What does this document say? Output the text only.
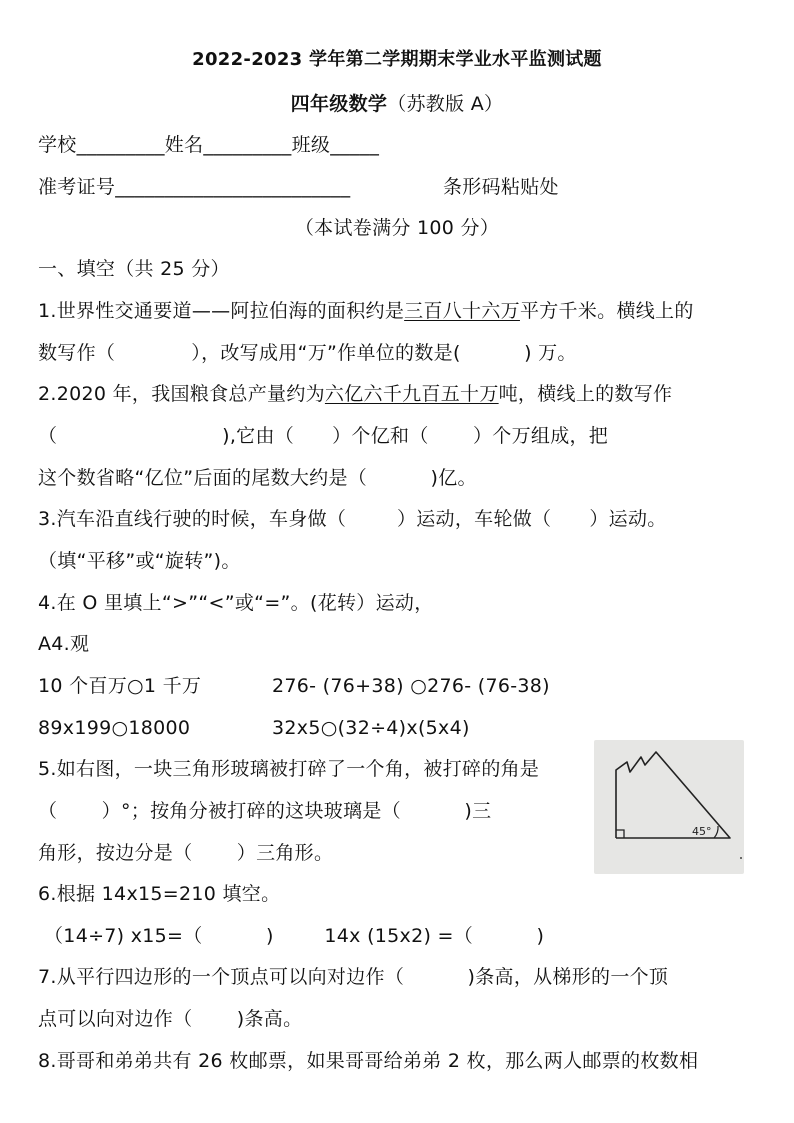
2022-2023 学年第二学期期末学业水平监测试题
四年级数学（苏教版 A）
学校_________姓名_________班级_____
准考证号________________________	条形码粘贴处
（本试卷满分 100 分）
一、填空（共 25 分）
1.世界性交通要道——阿拉伯海的面积约是三百八十六万平方千米。横线上的
数写作（            ），改写成用“万”作单位的数是(          ) 万。
2.2020 年，我国粮食总产量约为六亿六千九百五十万吨，横线上的数写作
（                          ),它由（      ）个亿和（       ）个万组成，把
这个数省略“亿位”后面的尾数大约是（          )亿。
3.汽车沿直线行驶的时候，车身做（        ）运动，车轮做（      ）运动。
（填“平移”或“旋转”)。
4.在 O 里填上“>”“<”或“=”。(花转）运动，
A4.观
10 个百万○1 千万	276- (76+38) ○276- (76-38)
89x199○18000	32x5○(32÷4)x(5x4)
5.如右图，一块三角形玻璃被打碎了一个角，被打碎的角是
（       ）°；按角分被打碎的这块玻璃是（          )三
角形，按边分是（       ）三角形。
45°
6.根据 14x15=210 填空。
（14÷7) x15=（          )        14x (15x2) =（          )
7.从平行四边形的一个顶点可以向对边作（          )条高，从梯形的一个顶
点可以向对边作（       )条高。
8.哥哥和弟弟共有 26 枚邮票，如果哥哥给弟弟 2 枚，那么两人邮票的枚数相
